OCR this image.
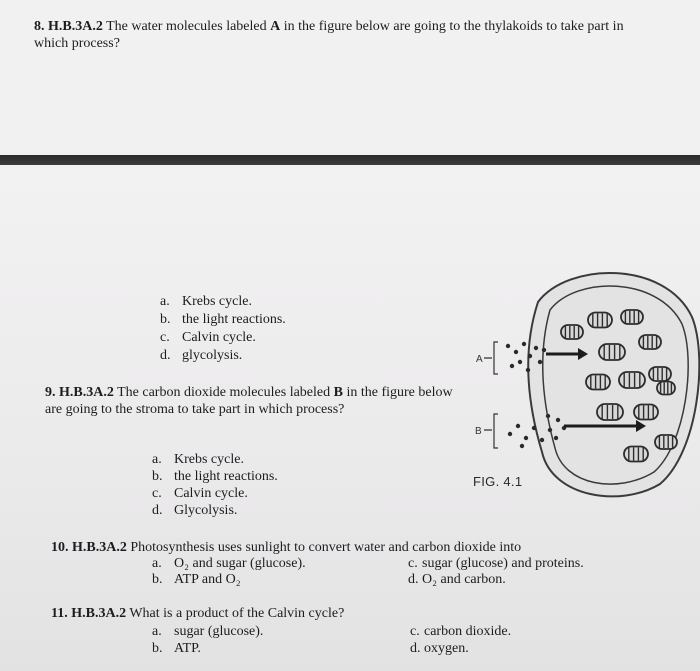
8. H.B.3A.2 The water molecules labeled A in the figure below are going to the thylakoids to take part in which process?
a. Krebs cycle.
b. the light reactions.
c. Calvin cycle.
d. glycolysis.
9. H.B.3A.2 The carbon dioxide molecules labeled B in the figure below are going to the stroma to take part in which process?
a. Krebs cycle.
b. the light reactions.
c. Calvin cycle.
d. Glycolysis.
A
B
FIG. 4.1
10. H.B.3A.2 Photosynthesis uses sunlight to convert water and carbon dioxide into
a. O₂ and sugar (glucose).
b. ATP and O₂
c. sugar (glucose) and proteins.
d. O₂ and carbon.
11. H.B.3A.2 What is a product of the Calvin cycle?
a. sugar (glucose).
b. ATP.
c. carbon dioxide.
d. oxygen.
